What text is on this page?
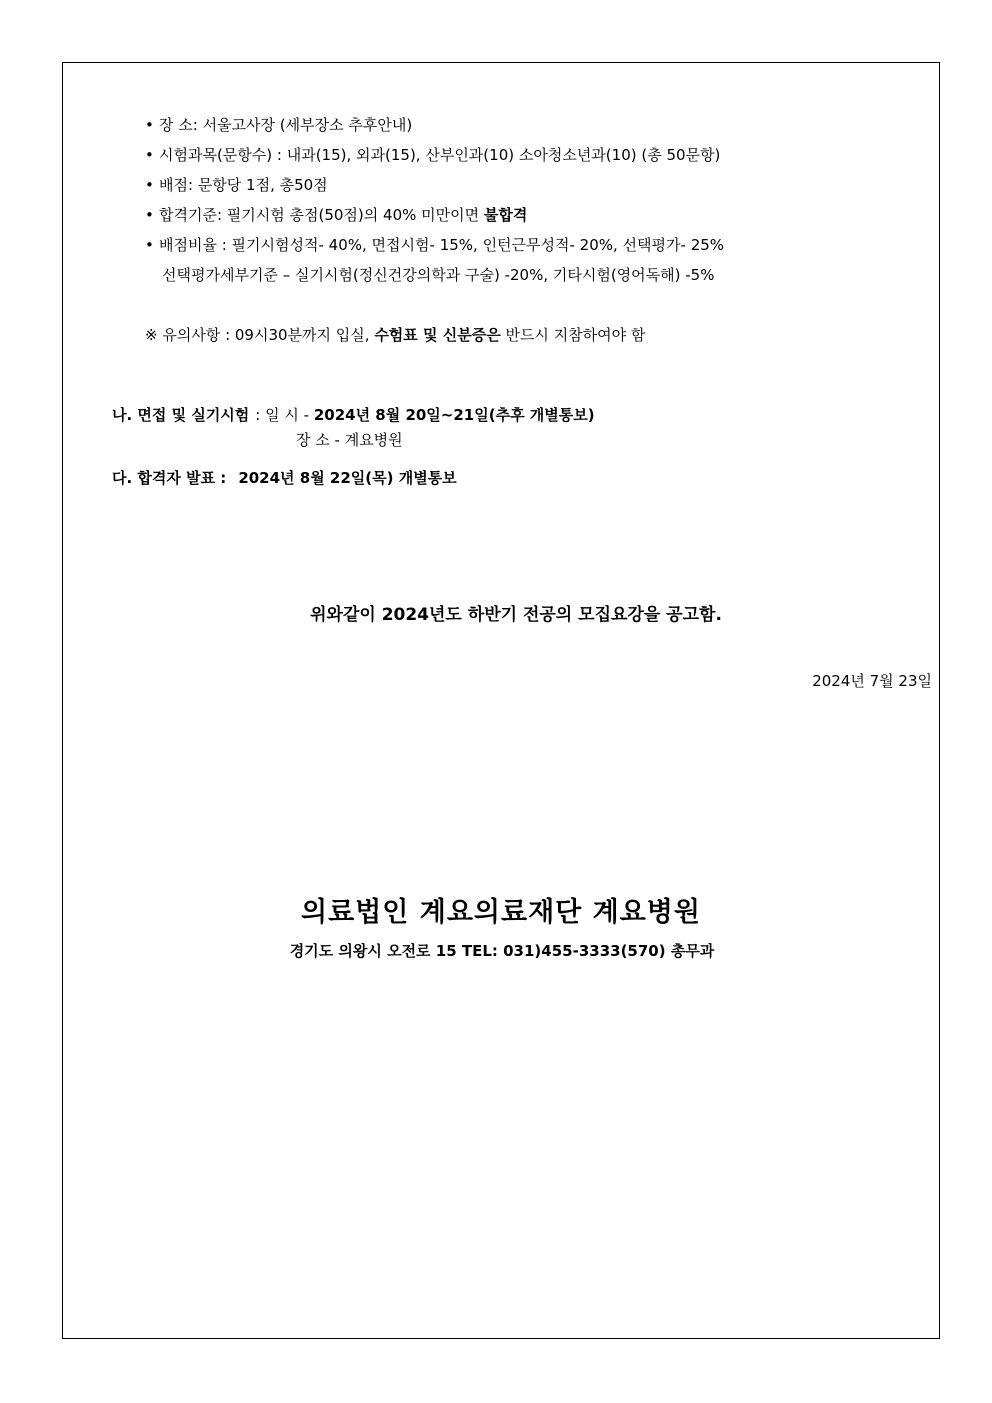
• 장 소: 서울고사장 (세부장소 추후안내)
• 시험과목(문항수) : 내과(15), 외과(15), 산부인과(10) 소아청소년과(10) (총 50문항)
• 배점: 문항당 1점, 총50점
• 합격기준: 필기시험 총점(50점)의 40% 미만이면 불합격
• 배점비율 : 필기시험성적- 40%, 면접시험- 15%, 인턴근무성적- 20%, 선택평가- 25%
선택평가세부기준 – 실기시험(정신건강의학과 구술) -20%, 기타시험(영어독해) -5%
※ 유의사항 : 09시30분까지 입실, 수험표 및 신분증은 반드시 지참하여야 함
나. 면접 및 실기시험 : 일 시 - 2024년 8월 20일~21일(추후 개별통보)
장 소 - 계요병원
다. 합격자 발표 : 2024년 8월 22일(목) 개별통보
위와같이 2024년도 하반기 전공의 모집요강을 공고함.
2024년 7월 23일
의료법인 계요의료재단 계요병원
경기도 의왕시 오전로 15 TEL: 031)455-3333(570) 총무과
